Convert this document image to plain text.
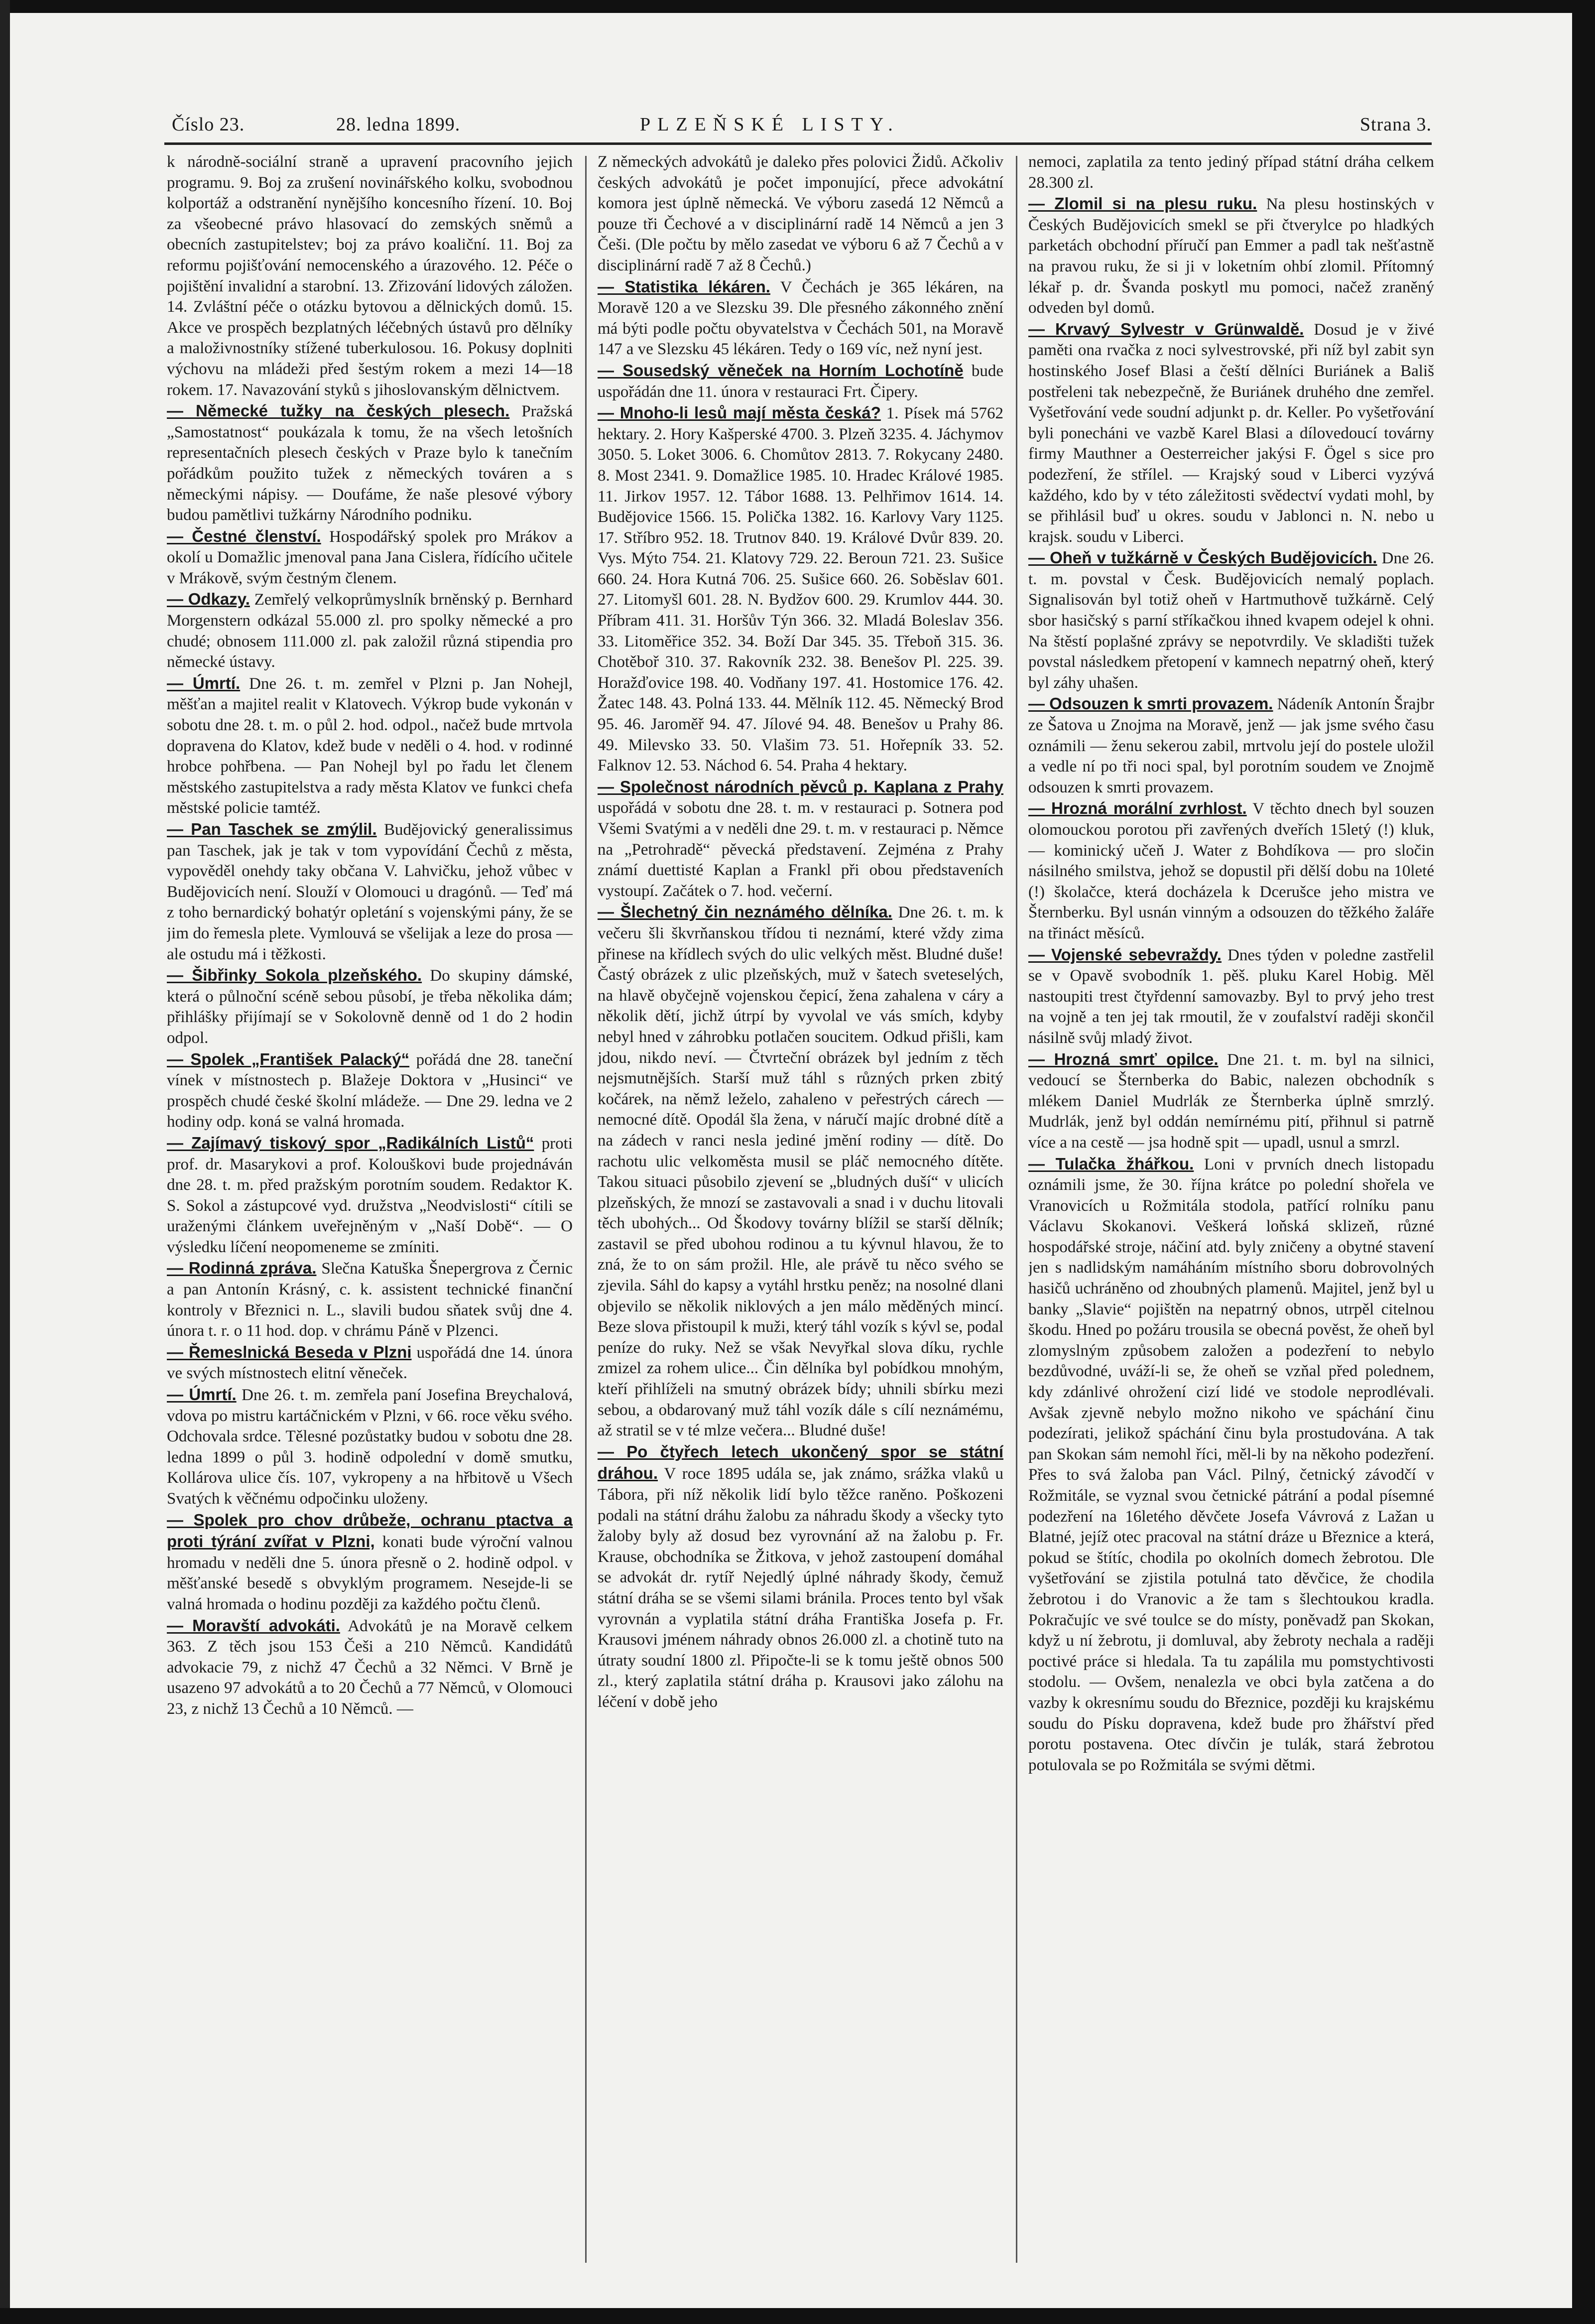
Číslo 23.	28. ledna 1899.	PLZEŇSKÉ LISTY.	Strana 3.

k národně-sociální straně a upravení pracovního jejich programu. 9. Boj za zrušení novinářského kolku, svobodnou kolportáž a odstranění nynějšího koncesního řízení. 10. Boj za všeobecné právo hlasovací do zemských sněmů a obecních zastupitelstev; boj za právo koaliční. 11. Boj za reformu pojišťování nemocenského a úrazového. 12. Péče o pojištění invalidní a starobní. 13. Zřizování lidových záložen. 14. Zvláštní péče o otázku bytovou a dělnických domů. 15. Akce ve prospěch bezplatných léčebných ústavů pro dělníky a maloživnostníky stížené tuberkulosou. 16. Pokusy doplniti výchovu na mládeži před šestým rokem a mezi 14—18 rokem. 17. Navazování styků s jihoslovanským dělnictvem.

— Německé tužky na českých plesech. Pražská „Samostatnost“ poukázala k tomu, že na všech letošních representačních plesech českých v Praze bylo k tanečním pořádkům použito tužek z německých továren a s německými nápisy. — Doufáme, že naše plesové výbory budou pamětlivi tužkárny Národního podniku.

— Čestné členství. Hospodářský spolek pro Mrákov a okolí u Domažlic jmenoval pana Jana Cislera, řídícího učitele v Mrákově, svým čestným členem.

— Odkazy. Zemřelý velkoprůmyslník brněnský p. Bernhard Morgenstern odkázal 55.000 zl. pro spolky německé a pro chudé; obnosem 111.000 zl. pak založil různá stipendia pro německé ústavy.

— Úmrtí. Dne 26. t. m. zemřel v Plzni p. Jan Nohejl, měšťan a majitel realit v Klatovech. Výkrop bude vykonán v sobotu dne 28. t. m. o půl 2. hod. odpol., načež bude mrtvola dopravena do Klatov, kdež bude v neděli o 4. hod. v rodinné hrobce pohřbena. — Pan Nohejl byl po řadu let členem městského zastupitelstva a rady města Klatov ve funkci chefa městské policie tamtéž.

— Pan Taschek se zmýlil. Budějovický generalissimus pan Taschek, jak je tak v tom vypovídání Čechů z města, vypověděl onehdy taky občana V. Lahvičku, jehož vůbec v Budějovicích není. Slouží v Olomouci u dragónů. — Teď má z toho bernardický bohatýr opletání s vojenskými pány, že se jim do řemesla plete. Vymlouvá se všelijak a leze do prosa — ale ostudu má i těžkosti.

— Šibřinky Sokola plzeňského. Do skupiny dámské, která o půlnoční scéně sebou působí, je třeba několika dám; přihlášky přijímají se v Sokolovně denně od 1 do 2 hodin odpol.

— Spolek „František Palacký“ pořádá dne 28. taneční vínek v místnostech p. Blažeje Doktora v „Husinci“ ve prospěch chudé české školní mládeže. — Dne 29. ledna ve 2 hodiny odp. koná se valná hromada.

— Zajímavý tiskový spor „Radikálních Listů“ proti prof. dr. Masarykovi a prof. Kolouškovi bude projednáván dne 28. t. m. před pražským porotním soudem. Redaktor K. S. Sokol a zástupcové vyd. družstva „Neodvislosti“ cítili se uraženými článkem uveřejněným v „Naší Době“. — O výsledku líčení neopomeneme se zmíniti.

— Rodinná zpráva. Slečna Katuška Šnepergrova z Černic a pan Antonín Krásný, c. k. assistent technické finanční kontroly v Březnici n. L., slavili budou sňatek svůj dne 4. února t. r. o 11 hod. dop. v chrámu Páně v Plzenci.

— Řemeslnická Beseda v Plzni uspořádá dne 14. února ve svých místnostech elitní věneček.

— Úmrtí. Dne 26. t. m. zemřela paní Josefina Breychalová, vdova po mistru kartáčnickém v Plzni, v 66. roce věku svého. Odchovala srdce. Tělesné pozůstatky budou v sobotu dne 28. ledna 1899 o půl 3. hodině odpolední v domě smutku, Kollárova ulice čís. 107, vykropeny a na hřbitově u Všech Svatých k věčnému odpočinku uloženy.

— Spolek pro chov drůbeže, ochranu ptactva a proti týrání zvířat v Plzni, konati bude výroční valnou hromadu v neděli dne 5. února přesně o 2. hodině odpol. v měšťanské besedě s obvyklým programem. Nesejde-li se valná hromada o hodinu později za každého počtu členů.

— Moravští advokáti. Advokátů je na Moravě celkem 363. Z těch jsou 153 Češi a 210 Němců. Kandidátů advokacie 79, z nichž 47 Čechů a 32 Němci. V Brně je usazeno 97 advokátů a to 20 Čechů a 77 Němců, v Olomouci 23, z nichž 13 Čechů a 10 Němců. —

Z německých advokátů je daleko přes polovici Židů. Ačkoliv českých advokátů je počet imponující, přece advokátní komora jest úplně německá. Ve výboru zasedá 12 Němců a pouze tři Čechové a v disciplinární radě 14 Němců a jen 3 Češi. (Dle počtu by mělo zasedat ve výboru 6 až 7 Čechů a v disciplinární radě 7 až 8 Čechů.)

— Statistika lékáren. V Čechách je 365 lékáren, na Moravě 120 a ve Slezsku 39. Dle přesného zákonného znění má býti podle počtu obyvatelstva v Čechách 501, na Moravě 147 a ve Slezsku 45 lékáren. Tedy o 169 víc, než nyní jest.

— Sousedský věneček na Horním Lochotíně bude uspořádán dne 11. února v restauraci Frt. Čipery.

— Mnoho-li lesů mají města česká? 1. Písek má 5762 hektary. 2. Hory Kašperské 4700. 3. Plzeň 3235. 4. Jáchymov 3050. 5. Loket 3006. 6. Chomůtov 2813. 7. Rokycany 2480. 8. Most 2341. 9. Domažlice 1985. 10. Hradec Králové 1985. 11. Jirkov 1957. 12. Tábor 1688. 13. Pelhřimov 1614. 14. Budějovice 1566. 15. Polička 1382. 16. Karlovy Vary 1125. 17. Stříbro 952. 18. Trutnov 840. 19. Králové Dvůr 839. 20. Vys. Mýto 754. 21. Klatovy 729. 22. Beroun 721. 23. Sušice 660. 24. Hora Kutná 706. 25. Sušice 660. 26. Soběslav 601. 27. Litomyšl 601. 28. N. Bydžov 600. 29. Krumlov 444. 30. Příbram 411. 31. Horšův Týn 366. 32. Mladá Boleslav 356. 33. Litoměřice 352. 34. Boží Dar 345. 35. Třeboň 315. 36. Chotěboř 310. 37. Rakovník 232. 38. Benešov Pl. 225. 39. Horažďovice 198. 40. Vodňany 197. 41. Hostomice 176. 42. Žatec 148. 43. Polná 133. 44. Mělník 112. 45. Německý Brod 95. 46. Jaroměř 94. 47. Jílové 94. 48. Benešov u Prahy 86. 49. Milevsko 33. 50. Vlašim 73. 51. Hořepník 33. 52. Falknov 12. 53. Náchod 6. 54. Praha 4 hektary.

— Společnost národních pěvců p. Kaplana z Prahy uspořádá v sobotu dne 28. t. m. v restauraci p. Sotnera pod Všemi Svatými a v neděli dne 29. t. m. v restauraci p. Němce na „Petrohradě“ pěvecká představení. Zejména z Prahy známí duettisté Kaplan a Frankl při obou představeních vystoupí. Začátek o 7. hod. večerní.

— Šlechetný čin neznámého dělníka. Dne 26. t. m. k večeru šli škvrňanskou třídou ti neznámí, které vždy zima přinese na křídlech svých do ulic velkých měst. Bludné duše! Častý obrázek z ulic plzeňských, muž v šatech sveteselých, na hlavě obyčejně vojenskou čepicí, žena zahalena v cáry a několik dětí, jichž útrpí by vyvolal ve vás smích, kdyby nebyl hned v záhrobku potlačen soucitem. Odkud přišli, kam jdou, nikdo neví. — Čtvrteční obrázek byl jedním z těch nejsmutnějších. Starší muž táhl s různých prken zbitý kočárek, na němž leželo, zahaleno v peřestrých cárech — nemocné dítě. Opodál šla žena, v náručí majíc drobné dítě a na zádech v ranci nesla jediné jmění rodiny — dítě. Do rachotu ulic velkoměsta musil se pláč nemocného dítěte. Takou situaci působilo zjevení se „bludných duší“ v ulicích plzeňských, že mnozí se zastavovali a snad i v duchu litovali těch ubohých... Od Škodovy továrny blížil se starší dělník; zastavil se před ubohou rodinou a tu kývnul hlavou, že to zná, že to on sám prožil. Hle, ale právě tu něco svého se zjevila. Sáhl do kapsy a vytáhl hrstku peněz; na nosolné dlani objevilo se několik niklových a jen málo měděných mincí. Beze slova přistoupil k muži, který táhl vozík s kývl se, podal peníze do ruky. Než se však Nevyřkal slova díku, rychle zmizel za rohem ulice... Čin dělníka byl pobídkou mnohým, kteří přihlíželi na smutný obrázek bídy; uhnili sbírku mezi sebou, a obdarovaný muž táhl vozík dále s cílí neznámému, až stratil se v té mlze večera... Bludné duše!

— Po čtyřech letech ukončený spor se státní dráhou. V roce 1895 udála se, jak známo, srážka vlaků u Tábora, při níž několik lidí bylo těžce raněno. Poškozeni podali na státní dráhu žalobu za náhradu škody a všecky tyto žaloby byly až dosud bez vyrovnání až na žalobu p. Fr. Krause, obchodníka se Žitkova, v jehož zastoupení domáhal se advokát dr. rytíř Nejedlý úplné náhrady škody, čemuž státní dráha se se všemi silami bránila. Proces tento byl však vyrovnán a vyplatila státní dráha Františka Josefa p. Fr. Krausovi jménem náhrady obnos 26.000 zl. a chotině tuto na útraty soudní 1800 zl. Připočte-li se k tomu ještě obnos 500 zl., který zaplatila státní dráha p. Krausovi jako zálohu na léčení v době jeho

nemoci, zaplatila za tento jediný případ státní dráha celkem 28.300 zl.

— Zlomil si na plesu ruku. Na plesu hostinských v Českých Budějovicích smekl se při čtverylce po hladkých parketách obchodní příručí pan Emmer a padl tak nešťastně na pravou ruku, že si ji v loketním ohbí zlomil. Přítomný lékař p. dr. Švanda poskytl mu pomoci, načež zraněný odveden byl domů.

— Krvavý Sylvestr v Grünwaldě. Dosud je v živé paměti ona rvačka z noci sylvestrovské, při níž byl zabit syn hostinského Josef Blasi a čeští dělníci Buriánek a Bališ postřeleni tak nebezpečně, že Buriánek druhého dne zemřel. Vyšetřování vede soudní adjunkt p. dr. Keller. Po vyšetřování byli ponecháni ve vazbě Karel Blasi a dílovedoucí továrny firmy Mauthner a Oesterreicher jakýsi F. Ögel s sice pro podezření, že střílel. — Krajský soud v Liberci vyzývá každého, kdo by v této záležitosti svědectví vydati mohl, by se přihlásil buď u okres. soudu v Jablonci n. N. nebo u krajsk. soudu v Liberci.

— Oheň v tužkárně v Českých Budějovicích. Dne 26. t. m. povstal v Česk. Budějovicích nemalý poplach. Signalisován byl totiž oheň v Hartmuthově tužkárně. Celý sbor hasičský s parní stříkačkou ihned kvapem odejel k ohni. Na štěstí poplašné zprávy se nepotvrdily. Ve skladišti tužek povstal následkem přetopení v kamnech nepatrný oheň, který byl záhy uhašen.

— Odsouzen k smrti provazem. Nádeník Antonín Šrajbr ze Šatova u Znojma na Moravě, jenž — jak jsme svého času oznámili — ženu sekerou zabil, mrtvolu její do postele uložil a vedle ní po tři noci spal, byl porotním soudem ve Znojmě odsouzen k smrti provazem.

— Hrozná morální zvrhlost. V těchto dnech byl souzen olomouckou porotou při zavřených dveřích 15letý (!) kluk, — kominický učeň J. Water z Bohdíkova — pro sločin násilného smilstva, jehož se dopustil při dělší dobu na 10leté (!) školačce, která docházela k Dcerušce jeho mistra ve Šternberku. Byl usnán vinným a odsouzen do těžkého žaláře na třináct měsíců.

— Vojenské sebevraždy. Dnes týden v poledne zastřelil se v Opavě svobodník 1. pěš. pluku Karel Hobig. Měl nastoupiti trest čtyřdenní samovazby. Byl to prvý jeho trest na vojně a ten jej tak rmoutil, že v zoufalství raději skončil násilně svůj mladý život.

— Hrozná smrť opilce. Dne 21. t. m. byl na silnici, vedoucí se Šternberka do Babic, nalezen obchodník s mlékem Daniel Mudrlák ze Šternberka úplně smrzlý. Mudrlák, jenž byl oddán nemírnému pití, přihnul si patrně více a na cestě — jsa hodně spit — upadl, usnul a smrzl.

— Tulačka žhářkou. Loni v prvních dnech listopadu oznámili jsme, že 30. října krátce po polední shořela ve Vranovicích u Rožmitála stodola, patřící rolníku panu Václavu Skokanovi. Veškerá loňská sklizeň, různé hospodářské stroje, náčiní atd. byly zničeny a obytné stavení jen s nadlidským namáháním místního sboru dobrovolných hasičů uchráněno od zhoubných plamenů. Majitel, jenž byl u banky „Slavie“ pojištěn na nepatrný obnos, utrpěl citelnou škodu. Hned po požáru trousila se obecná pověst, že oheň byl zlomyslným způsobem založen a podezření to nebylo bezdůvodné, uváží-li se, že oheň se vzňal před polednem, kdy zdánlivé ohrožení cizí lidé ve stodole neprodlévali. Avšak zjevně nebylo možno nikoho ve spáchání činu podezírati, jelikož spáchání činu byla prostudována. A tak pan Skokan sám nemohl říci, měl-li by na někoho podezření. Přes to svá žaloba pan Václ. Pilný, četnický závodčí v Rožmitále, se vyznal svou četnické pátrání a podal písemné podezření na 16letého děvčete Josefa Vávrová z Lažan u Blatné, jejíž otec pracoval na státní dráze u Březnice a která, pokud se štítíc, chodila po okolních domech žebrotou. Dle vyšetřování se zjistila potulná tato děvčice, že chodila žebrotou i do Vranovic a že tam s šlechtoukou kradla. Pokračujíc ve své toulce se do místy, poněvadž pan Skokan, když u ní žebrotu, ji domluval, aby žebroty nechala a raději poctivé práce si hledala. Ta tu zapálila mu pomstychtivosti stodolu. — Ovšem, nenalezla ve obci byla zatčena a do vazby k okresnímu soudu do Březnice, později ku krajskému soudu do Písku dopravena, kdež bude pro žhářství před porotu postavena. Otec dívčin je tulák, stará žebrotou potulovala se po Rožmitála se svými dětmi.
